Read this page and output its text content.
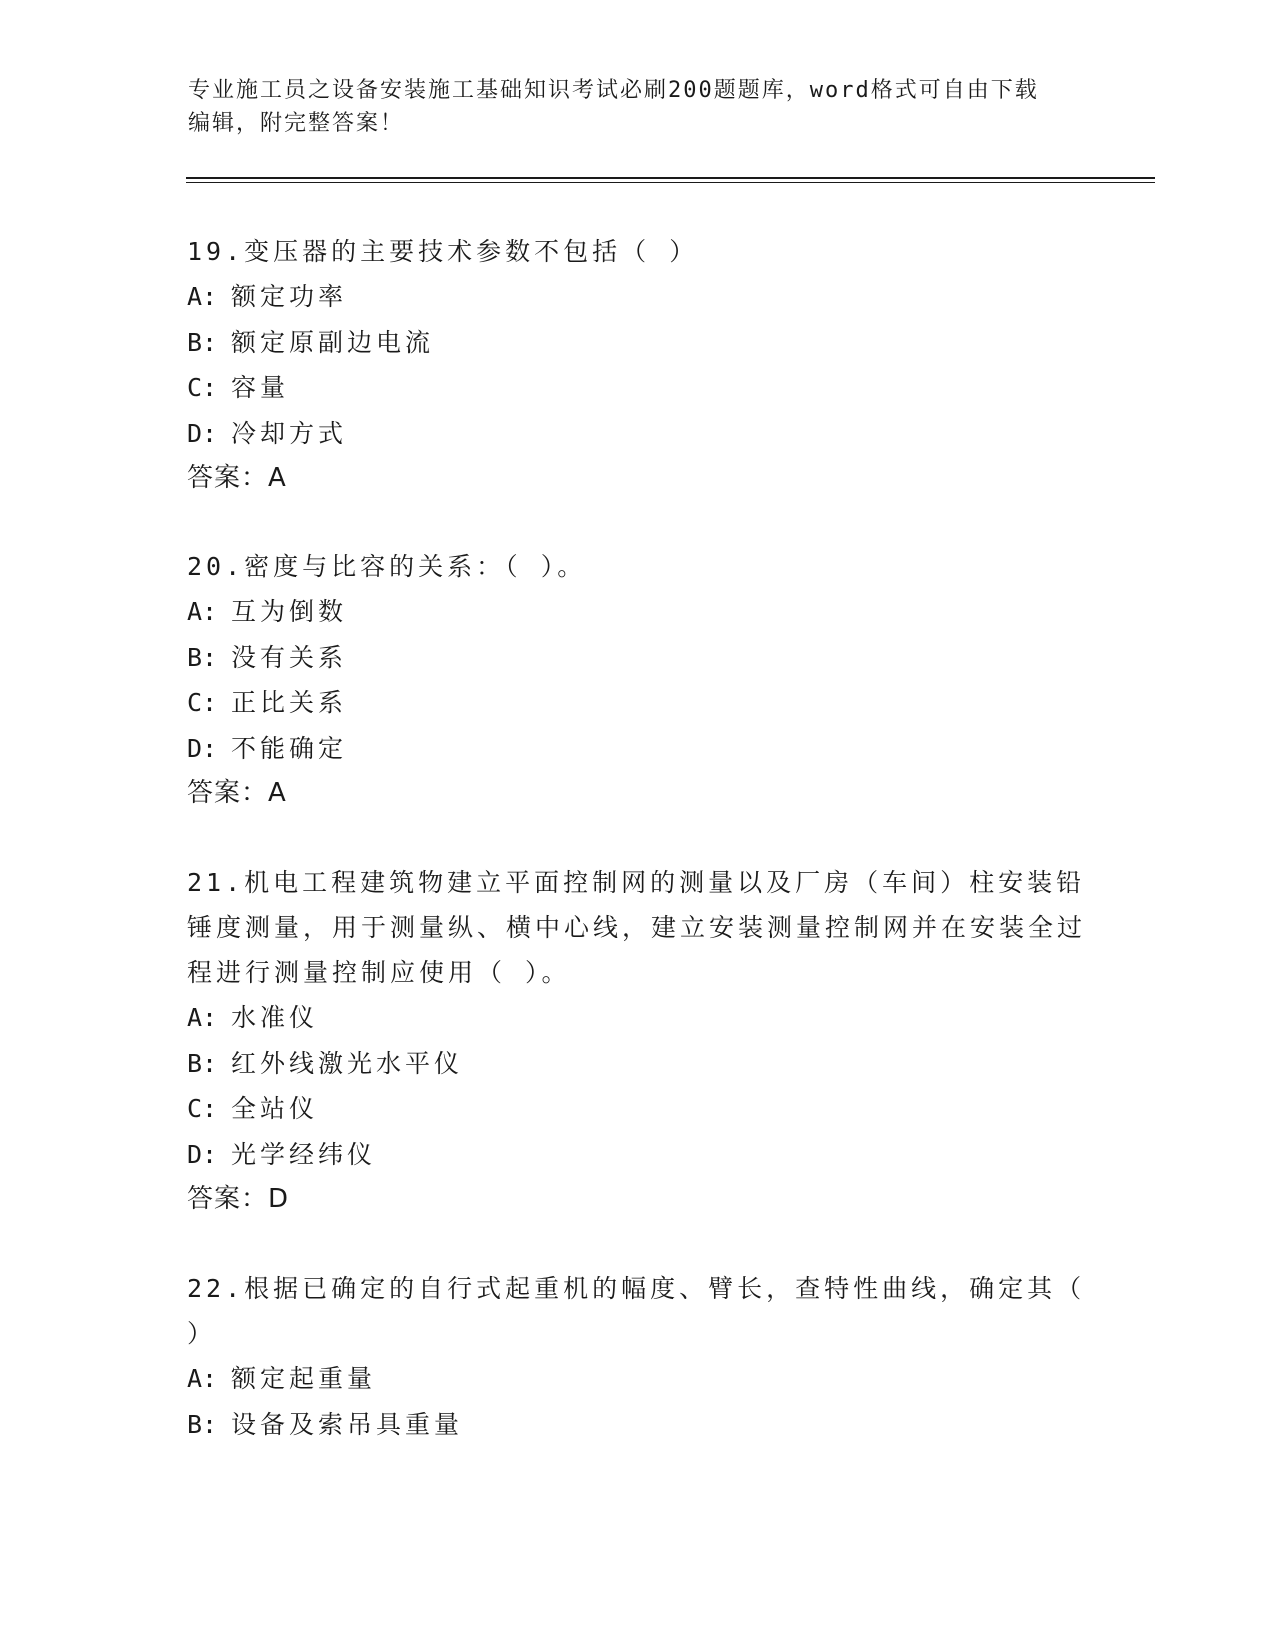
专业施工员之设备安装施工基础知识考试必刷200题题库，word格式可自由下载
编辑，附完整答案！

19.变压器的主要技术参数不包括（ ）

A: 额定功率

B: 额定原副边电流

C: 容量

D: 冷却方式

答案：A

20.密度与比容的关系：（ ）。

A: 互为倒数

B: 没有关系

C: 正比关系

D: 不能确定

答案：A

21.机电工程建筑物建立平面控制网的测量以及厂房（车间）柱安装铅锤度测量，用于测量纵、横中心线，建立安装测量控制网并在安装全过程进行测量控制应使用（ ）。

A: 水准仪

B: 红外线激光水平仪

C: 全站仪

D: 光学经纬仪

答案：D

22.根据已确定的自行式起重机的幅度、臂长，查特性曲线，确定其（ ）

A: 额定起重量

B: 设备及索吊具重量
